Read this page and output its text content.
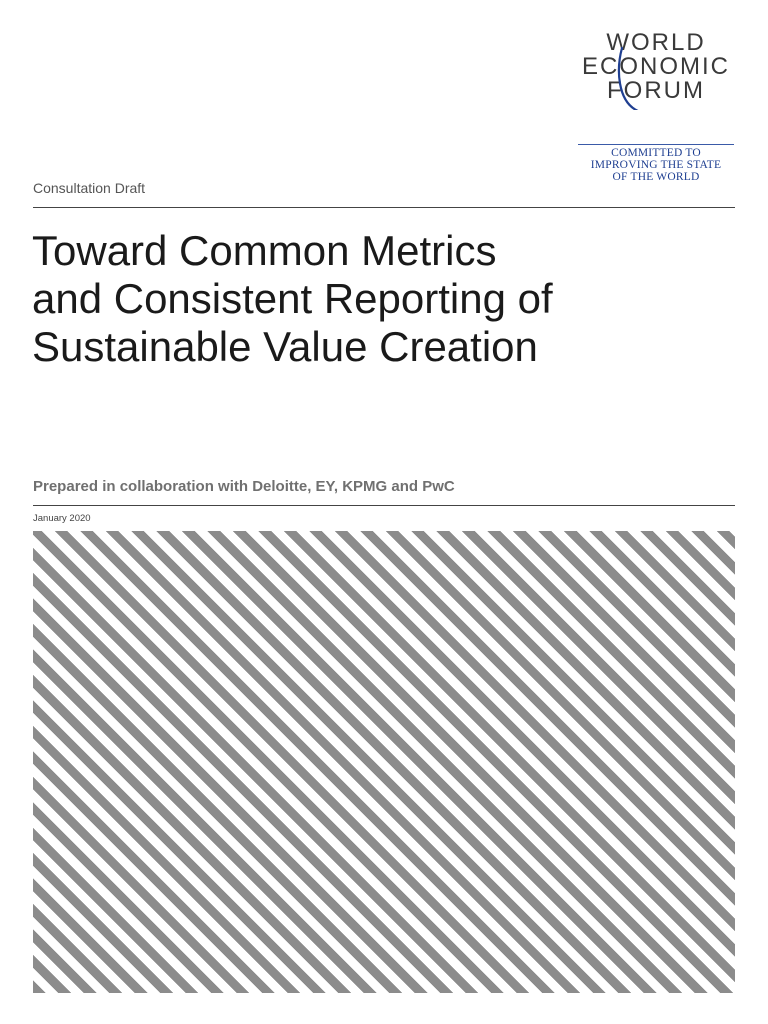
WORLD
ECONOMIC
FORUM
COMMITTED TO
IMPROVING THE STATE
OF THE WORLD
Consultation Draft
Toward Common Metrics
and Consistent Reporting of
Sustainable Value Creation
Prepared in collaboration with Deloitte, EY, KPMG and PwC
January 2020
